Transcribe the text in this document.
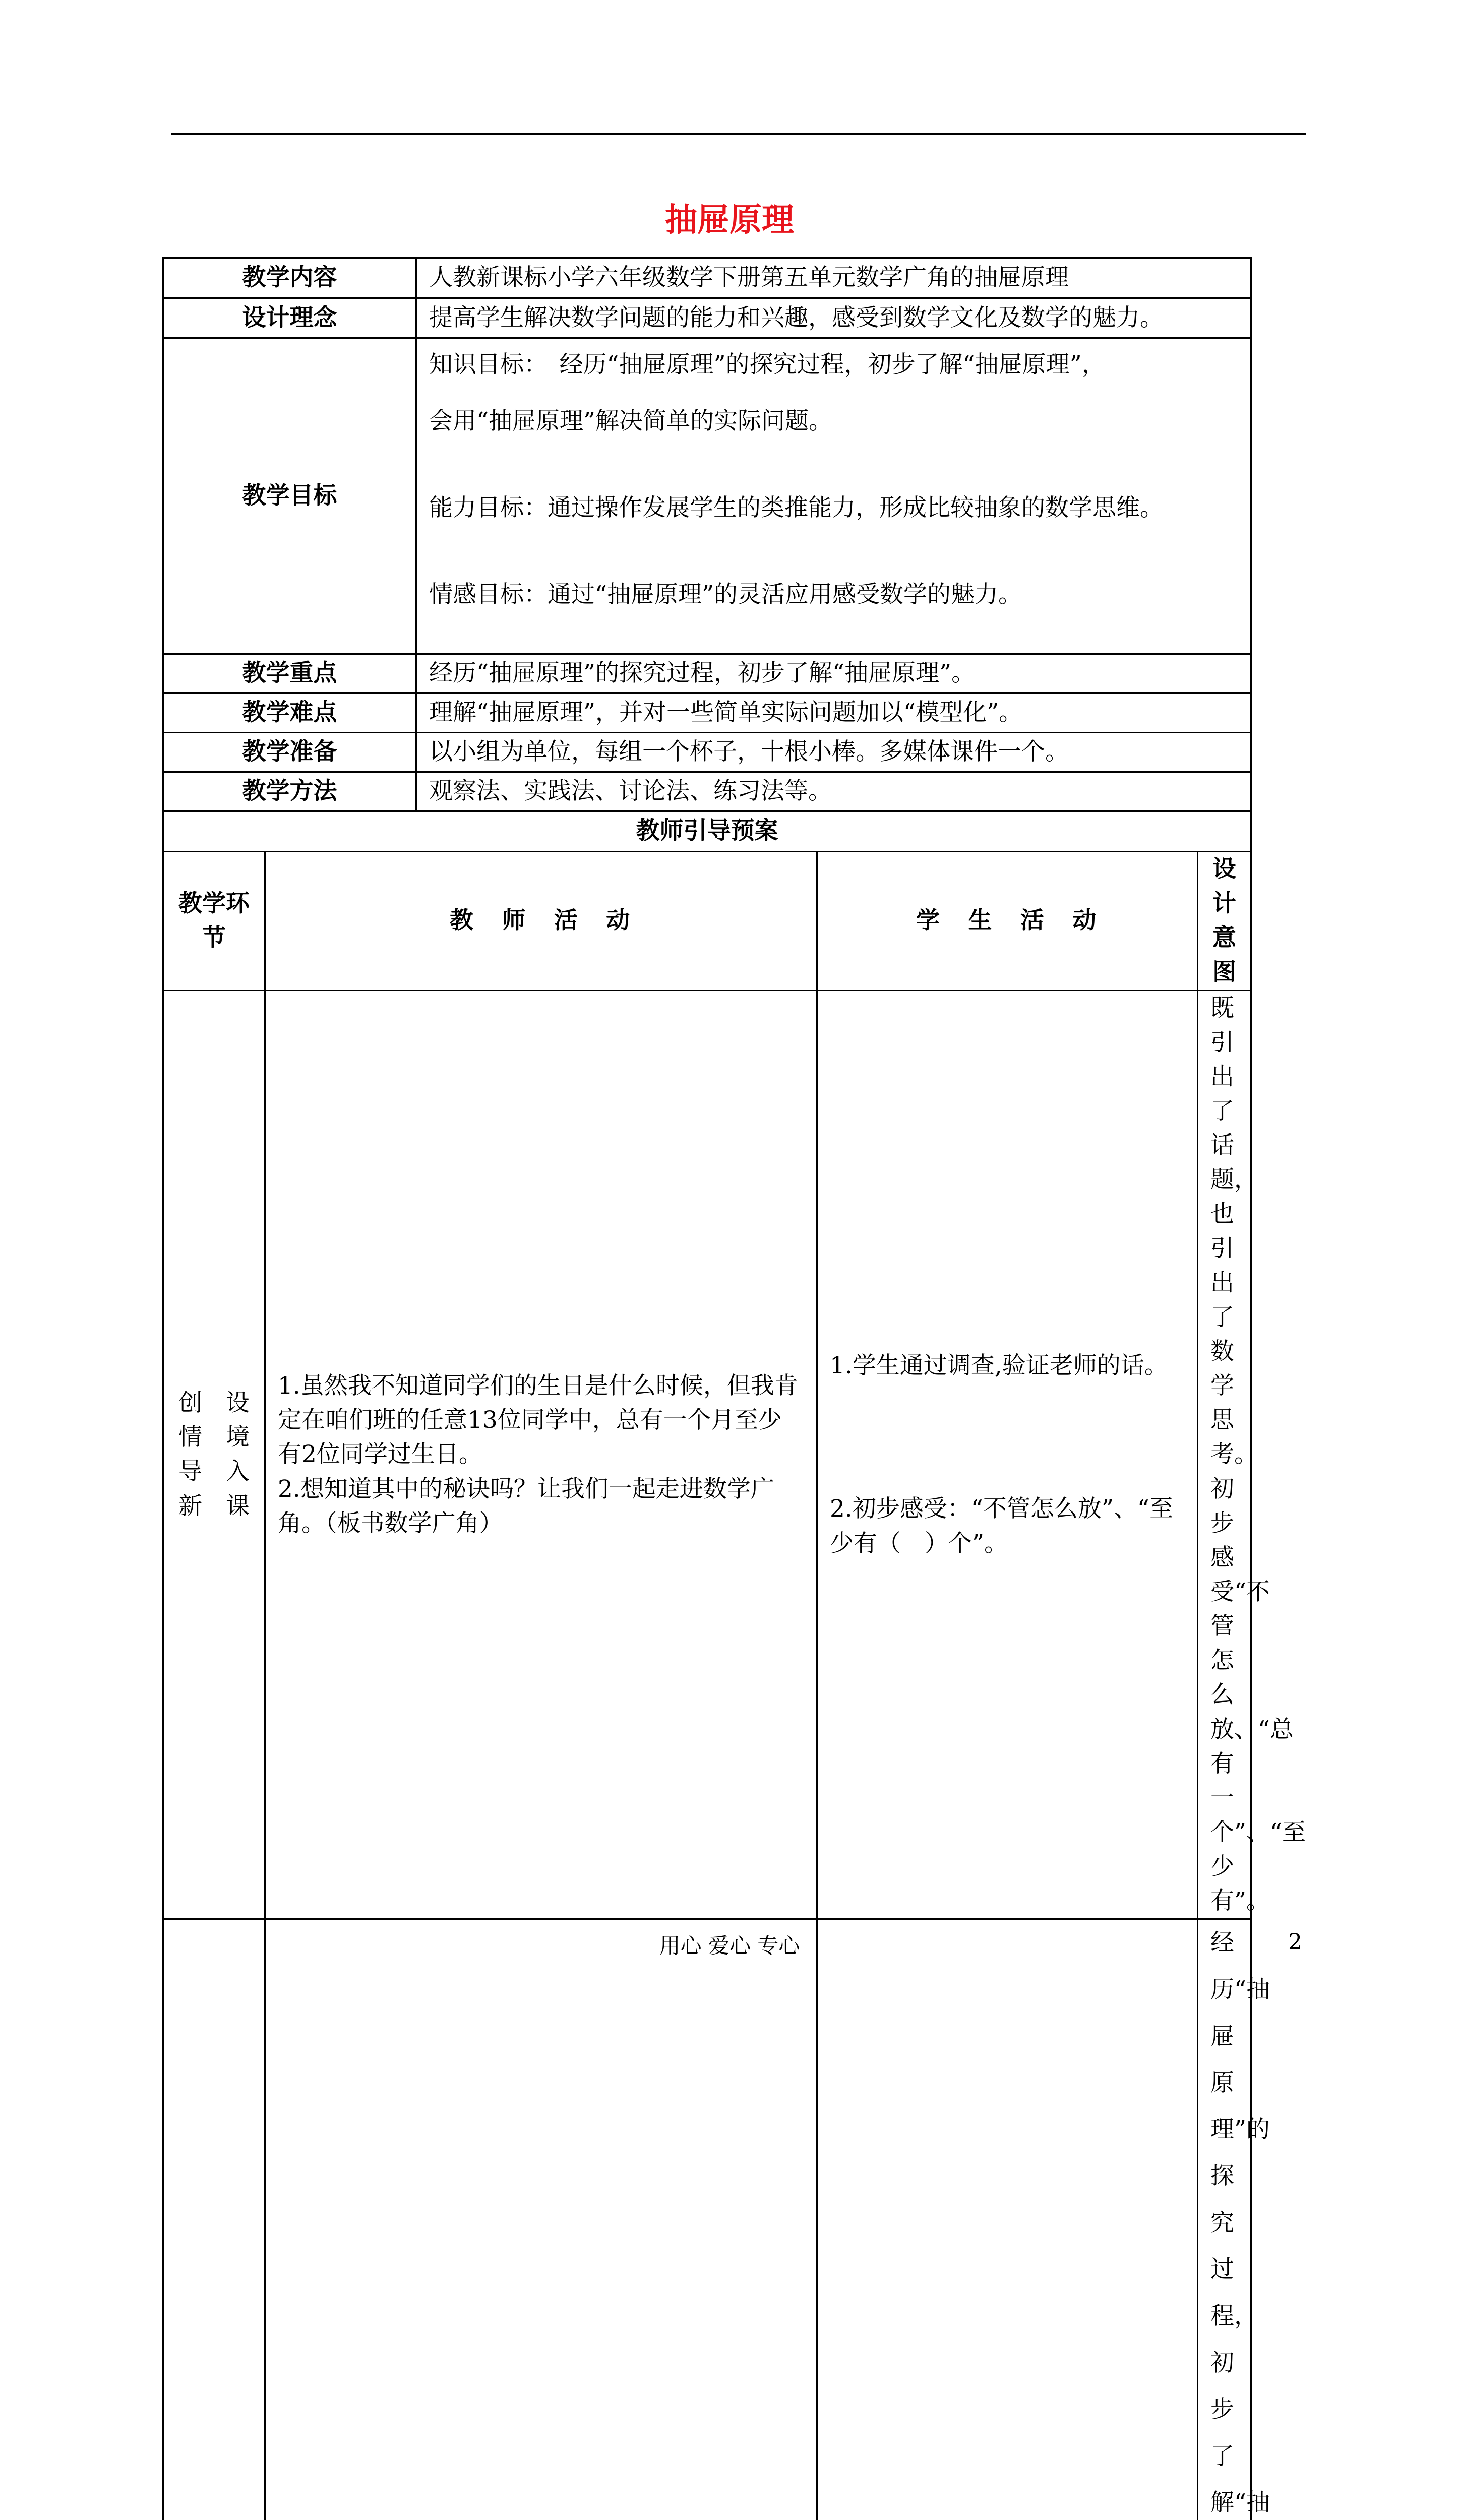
抽屉原理
教学内容		人教新课标小学六年级数学下册第五单元数学广角的抽屉原理		
设计理念		提高学生解决数学问题的能力和兴趣，感受到数学文化及数学的魅力。		
教学目标		知识目标：　经历“抽屉原理”的探究过程，初步了解“抽屉原理”，
会用“抽屉原理”解决简单的实际问题。
能力目标：通过操作发展学生的类推能力，形成比较抽象的数学思维。
情感目标：通过“抽屉原理”的灵活应用感受数学的魅力。		

教学重点		经历“抽屉原理”的探究过程，初步了解“抽屉原理”。		
教学难点		理解“抽屉原理”，并对一些简单实际问题加以“模型化”。		
教学准备		以小组为单位，每组一个杯子，十根小棒。多媒体课件一个。		
教学方法		观察法、实践法、讨论法、练习法等。		
教师引导预案				
教学环节	教　师　活　动		学　生　活　动	设计意图

创　设
情　境
导　入
新　课	1.虽然我不知道同学们的生日是什么时候，但我肯定在咱们班的任意13位同学中，总有一个月至少有2位同学过生日。
2.想知道其中的秘诀吗？让我们一起走进数学广角。（板书数学广角）		1.学生通过调查,验证老师的话。
2.初步感受：“不管怎么放”、“至少有（　）个”。	既引出了话题，也引出了数学思考。初步感受“不管怎么放、“总有一个”、“至少有”。

经历“抽屉原理”的探究过程，初步了解“抽
用心 爱心 专心	2
